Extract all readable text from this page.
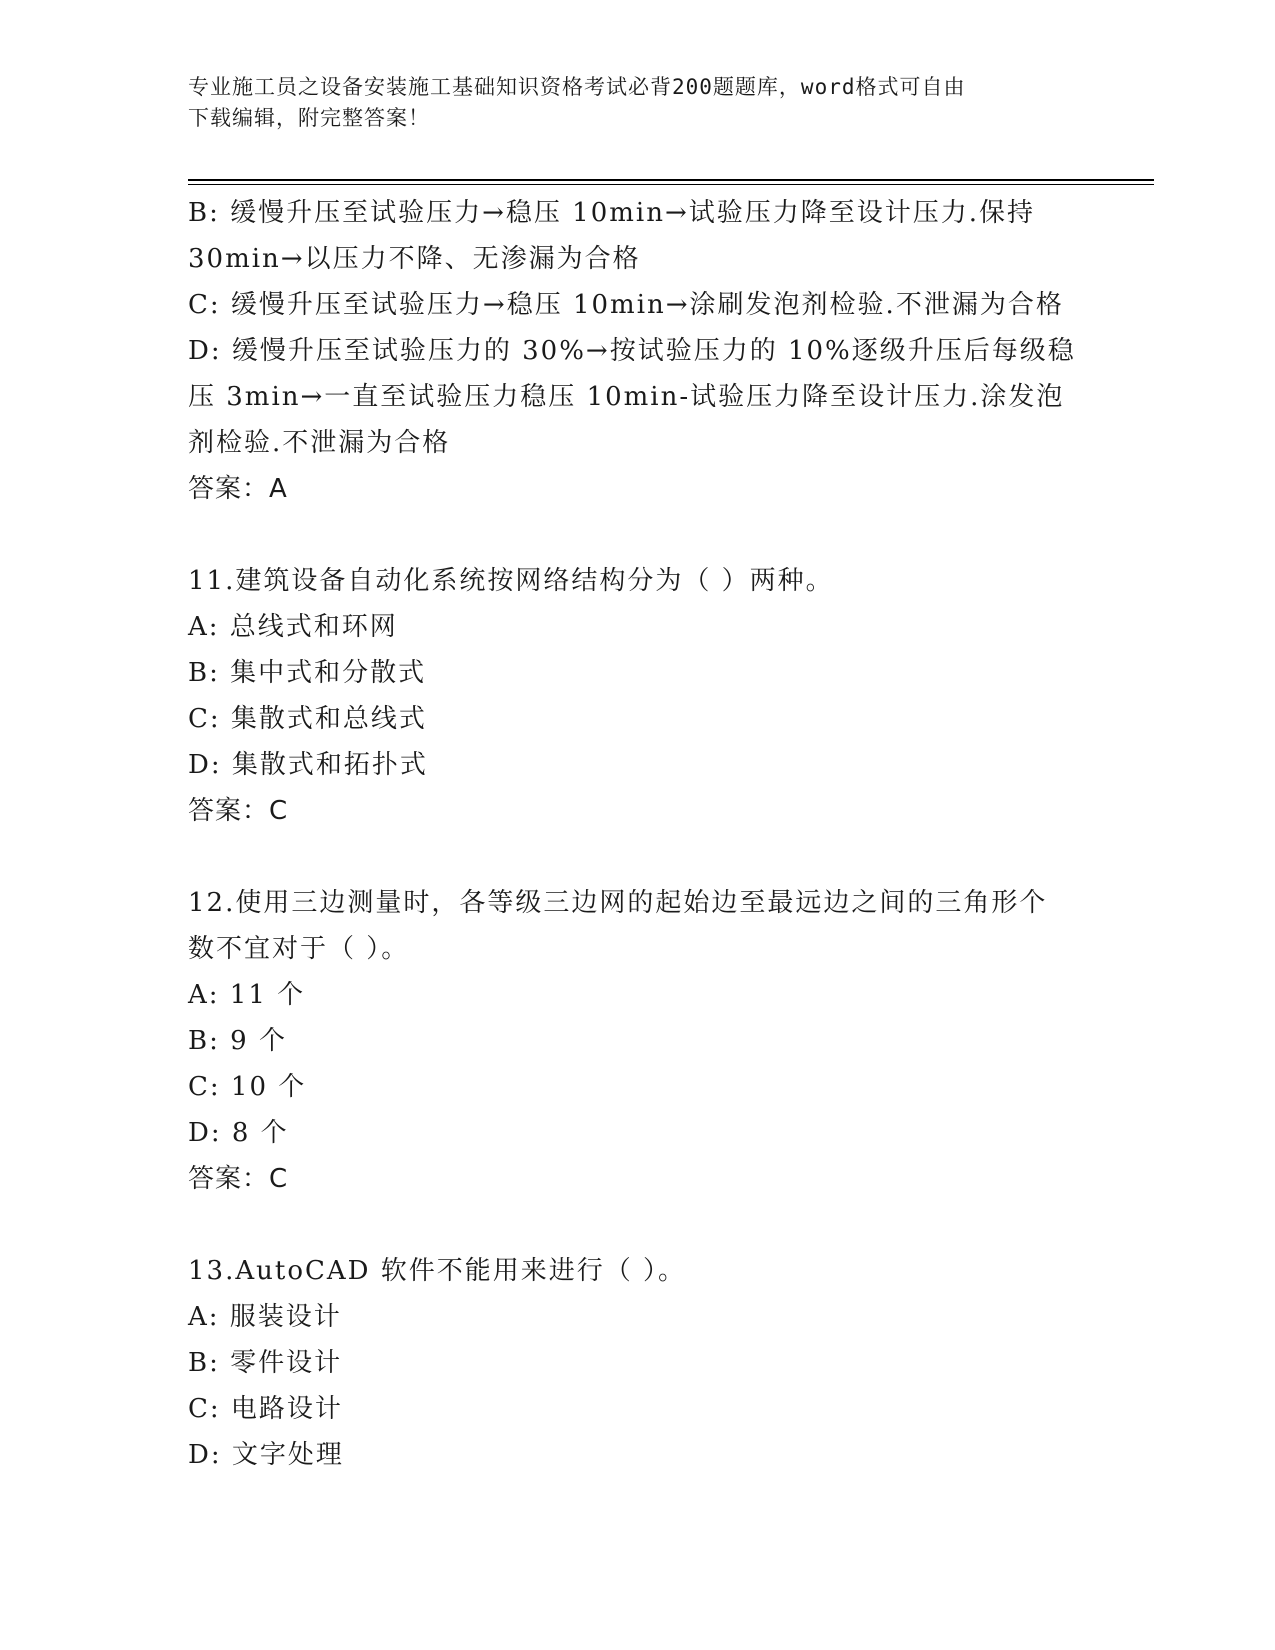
专业施工员之设备安装施工基础知识资格考试必背200题题库，word格式可自由
下载编辑，附完整答案！
B: 缓慢升压至试验压力→稳压 10min→试验压力降至设计压力.保持
30min→以压力不降、无渗漏为合格
C: 缓慢升压至试验压力→稳压 10min→涂刷发泡剂检验.不泄漏为合格
D: 缓慢升压至试验压力的 30%→按试验压力的 10%逐级升压后每级稳
压 3min→一直至试验压力稳压 10min-试验压力降至设计压力.涂发泡
剂检验.不泄漏为合格
答案：A
11.建筑设备自动化系统按网络结构分为（ ）两种。
A: 总线式和环网
B: 集中式和分散式
C: 集散式和总线式
D: 集散式和拓扑式
答案：C
12.使用三边测量时，各等级三边网的起始边至最远边之间的三角形个
数不宜对于（ ）。
A: 11 个
B: 9 个
C: 10 个
D: 8 个
答案：C
13.AutoCAD 软件不能用来进行（ ）。
A: 服装设计
B: 零件设计
C: 电路设计
D: 文字处理
